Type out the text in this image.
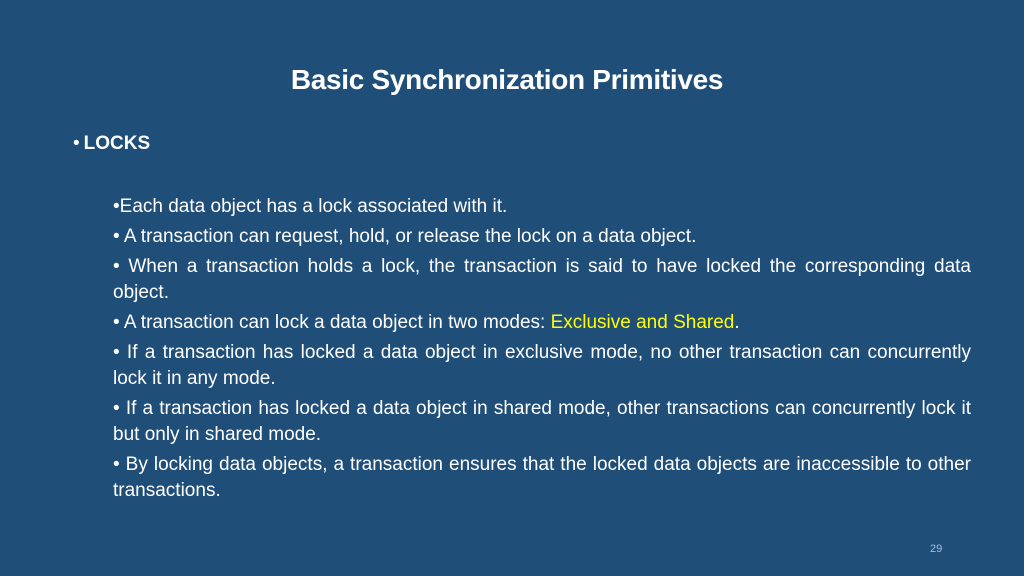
Basic Synchronization Primitives
• LOCKS
•Each data object has a lock associated with it.
• A transaction can request, hold, or release the lock on a data object.
• When a transaction holds a lock, the transaction is said to have locked the corresponding data object.
• A transaction can lock a data object in two modes: Exclusive and Shared.
• If a transaction has locked a data object in exclusive mode, no other transaction can concurrently lock it in any mode.
• If a transaction has locked a data object in shared mode, other transactions can concurrently lock it but only in shared mode.
• By locking data objects, a transaction ensures that the locked data objects are inaccessible to other transactions.
29
